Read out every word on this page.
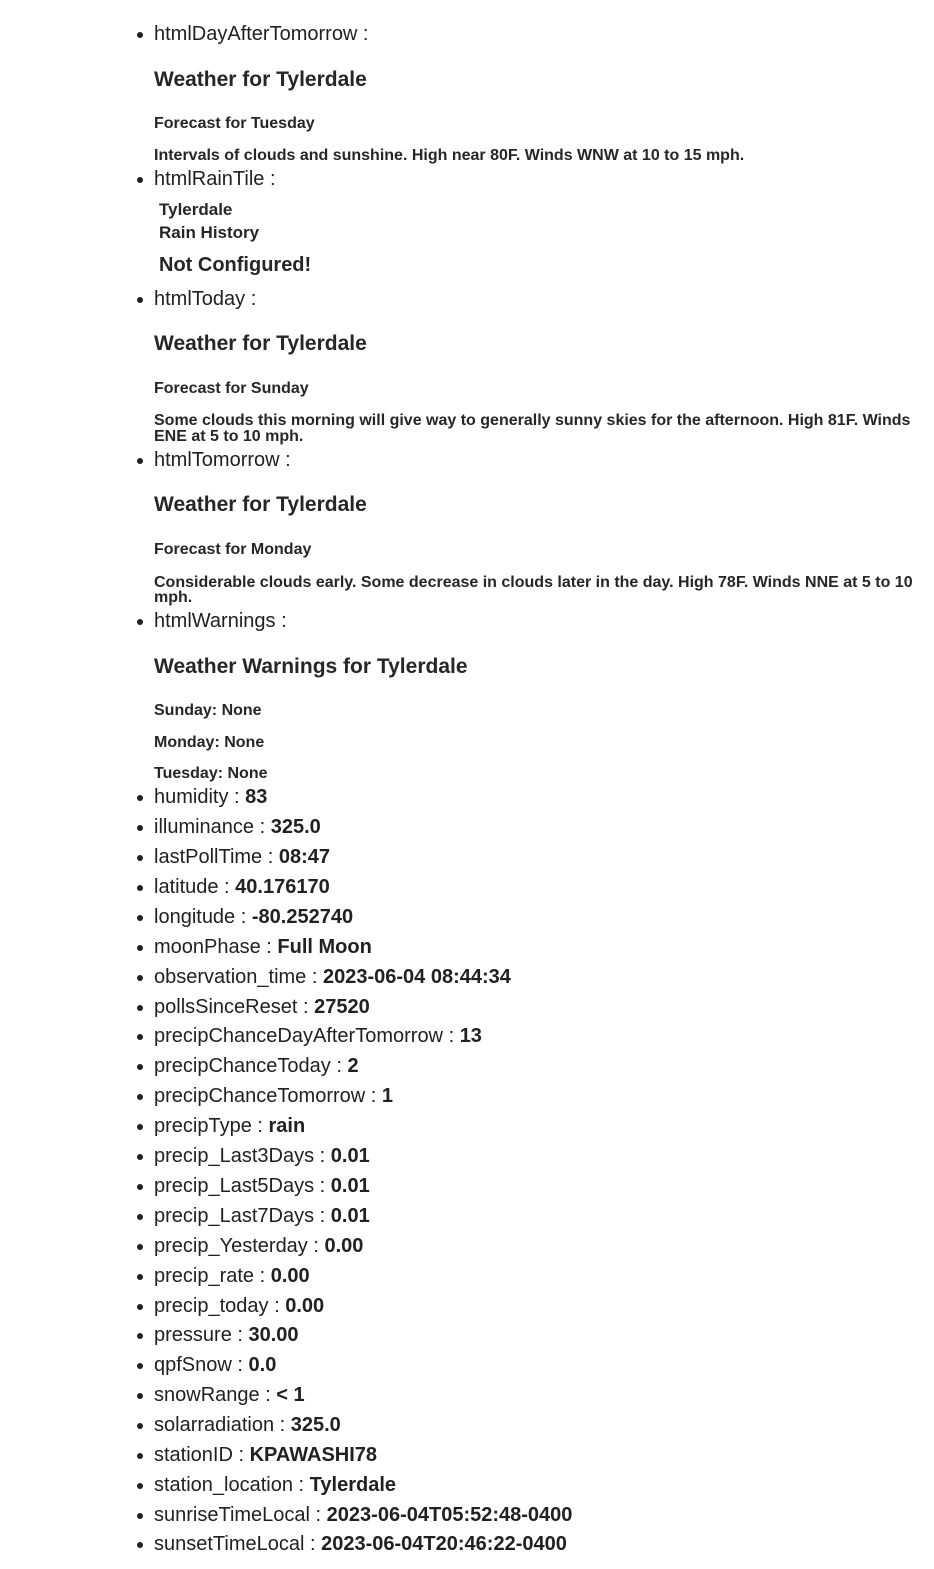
htmlDayAfterTomorrow :
Weather for Tylerdale
Forecast for Tuesday
Intervals of clouds and sunshine. High near 80F. Winds WNW at 10 to 15 mph.
htmlRainTile :
Tylerdale
Rain History
Not Configured!
htmlToday :
Weather for Tylerdale
Forecast for Sunday
Some clouds this morning will give way to generally sunny skies for the afternoon. High 81F. Winds
ENE at 5 to 10 mph.
htmlTomorrow :
Weather for Tylerdale
Forecast for Monday
Considerable clouds early. Some decrease in clouds later in the day. High 78F. Winds NNE at 5 to 10
mph.
htmlWarnings :
Weather Warnings for Tylerdale
Sunday: None
Monday: None
Tuesday: None
humidity : 83
illuminance : 325.0
lastPollTime : 08:47
latitude : 40.176170
longitude : -80.252740
moonPhase : Full Moon
observation_time : 2023-06-04 08:44:34
pollsSinceReset : 27520
precipChanceDayAfterTomorrow : 13
precipChanceToday : 2
precipChanceTomorrow : 1
precipType : rain
precip_Last3Days : 0.01
precip_Last5Days : 0.01
precip_Last7Days : 0.01
precip_Yesterday : 0.00
precip_rate : 0.00
precip_today : 0.00
pressure : 30.00
qpfSnow : 0.0
snowRange : < 1
solarradiation : 325.0
stationID : KPAWASHI78
station_location : Tylerdale
sunriseTimeLocal : 2023-06-04T05:52:48-0400
sunsetTimeLocal : 2023-06-04T20:46:22-0400
